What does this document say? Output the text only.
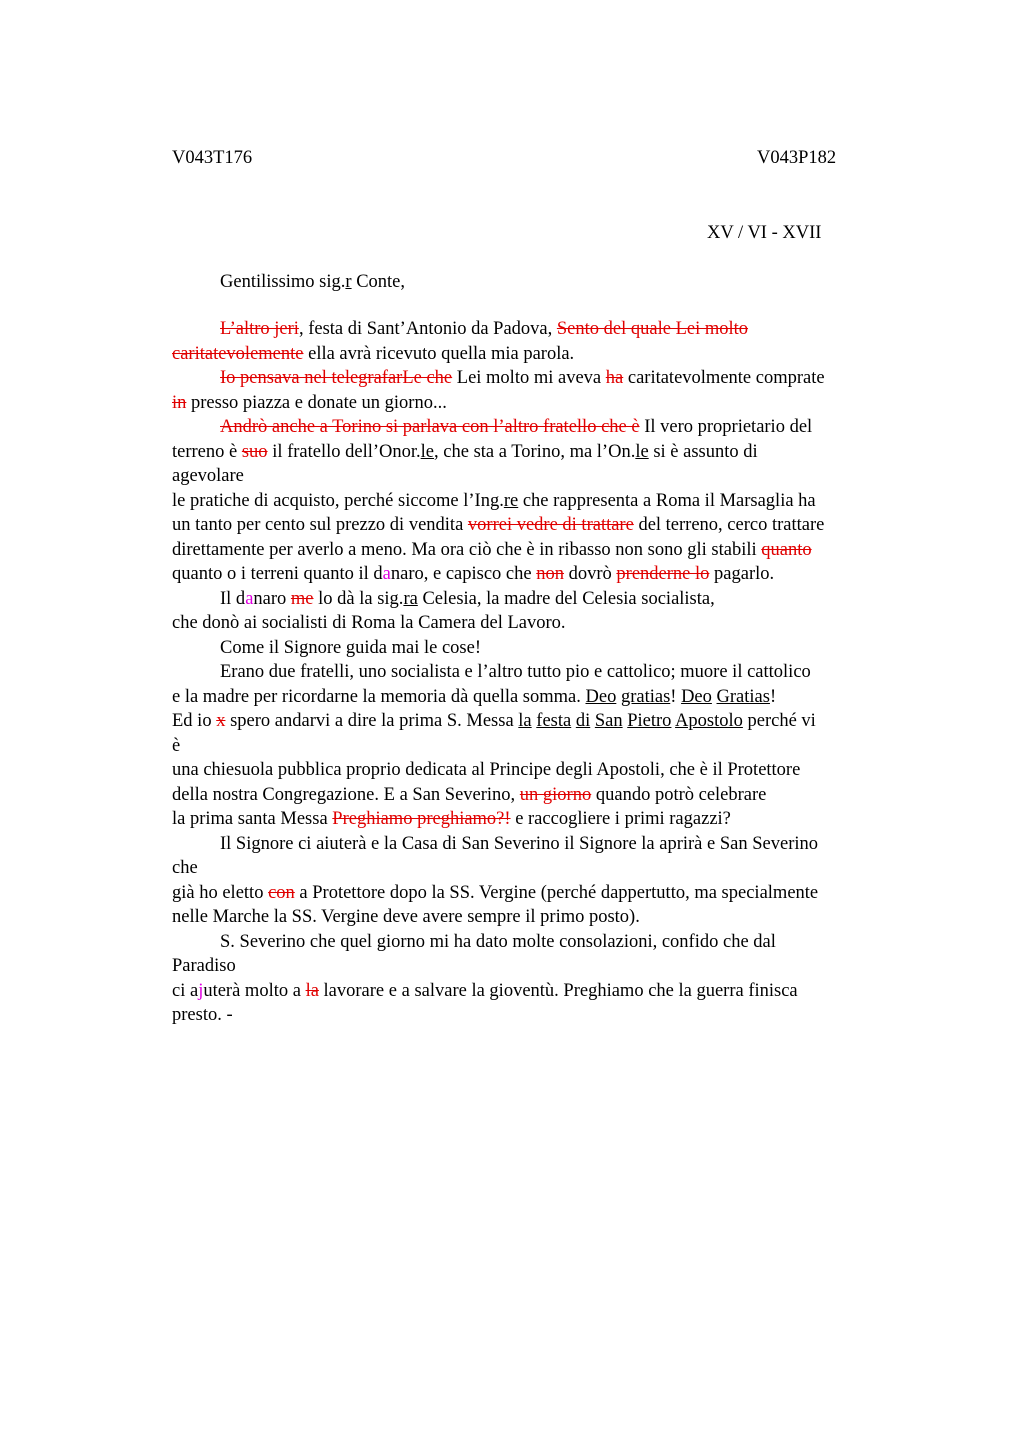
V043T176	V043P182
XV / VI - XVII
Gentilissimo sig.r Conte,
L’altro jeri, festa di Sant’Antonio da Padova, Sento del quale Lei molto
caritatevolemente ella avrà ricevuto quella mia parola.
Io pensava nel telegrafarLe che Lei molto mi aveva ha caritatevolmente comprate
in presso piazza e donate un giorno...
Andrò anche a Torino si parlava con l’altro fratello che è Il vero proprietario del
terreno è suo il fratello dell’Onor.le, che sta a Torino, ma l’On.le si è assunto di
agevolare
le pratiche di acquisto, perché siccome l’Ing.re che rappresenta a Roma il Marsaglia ha
un tanto per cento sul prezzo di vendita vorrei vedre di trattare del terreno, cerco trattare
direttamente per averlo a meno. Ma ora ciò che è in ribasso non sono gli stabili quanto
quanto o i terreni quanto il danaro, e capisco che non dovrò prenderne lo pagarlo.
Il danaro me lo dà la sig.ra Celesia, la madre del Celesia socialista,
che donò ai socialisti di Roma la Camera del Lavoro.
Come il Signore guida mai le cose!
Erano due fratelli, uno socialista e l’altro tutto pio e cattolico; muore il cattolico
e la madre per ricordarne la memoria dà quella somma. Deo gratias! Deo Gratias!
Ed io x spero andarvi a dire la prima S. Messa la festa di San Pietro Apostolo perché vi
è
una chiesuola pubblica proprio dedicata al Principe degli Apostoli, che è il Protettore
della nostra Congregazione. E a San Severino, un giorno quando potrò celebrare
la prima santa Messa Preghiamo preghiamo?! e raccogliere i primi ragazzi?
Il Signore ci aiuterà e la Casa di San Severino il Signore la aprirà e San Severino
che
già ho eletto con a Protettore dopo la SS. Vergine (perché dappertutto, ma specialmente
nelle Marche la SS. Vergine deve avere sempre il primo posto).
S. Severino che quel giorno mi ha dato molte consolazioni, confido che dal
Paradiso
ci ajuterà molto a la lavorare e a salvare la gioventù. Preghiamo che la guerra finisca
presto. -
